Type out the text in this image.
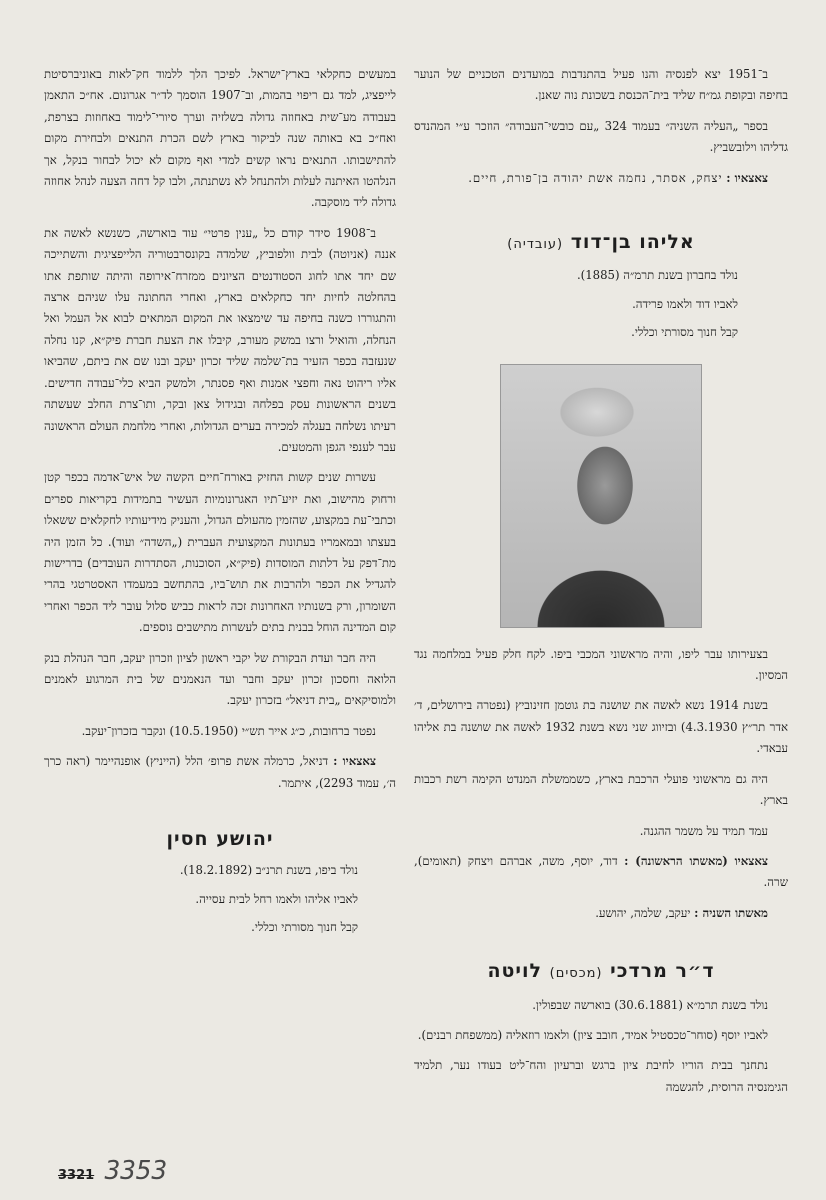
ב־1951 יצא לפנסיה והנו פעיל בהתנדבות במועדנים הטכניים של הנוער בחיפה ובקופת גמ״ח שליד בית־הכנסת בשכונת נוה שאנן.

בספר „העליה השניה״ בעמוד 324 „עם כובשי־העבודה״ הוזכר ע״י המהנדס גדליהו וילובשביץ.

צאצאיו : יצחק, אסתר, נחמה אשת יהודה בן־פורת, חיים.

אליהו בן־דוד (עובדיה)
נולד בחברון בשנת תרמ״ה (1885).
לאביו דוד ולאמו פרידה.
קבל חנוך מסורתי וכללי.

בצעירותו עבר ליפו, והיה מראשוני המכבי ביפו. לקח חלק פעיל במלחמה נגד המסיון.

בשנת 1914 נשא לאשה את שושנה בת גוטמן חזינוביץ (נפטרה בירושלים, ד׳ אדר תר״ץ 4.3.1930) ובזיווג שני נשא בשנת 1932 לאשה את שושנה בת אליהו עבאדי.

היה גם מראשוני פועלי הרכבת בארץ, כשממשלת המנדט הקימה רשת רכבות בארץ.

עמד תמיד על משמר ההגנה.

צאצאיו (מאשתו הראשונה) : דוד, יוסף, משה, אברהם ויצחק (תאומים), שרה.

מאשתו השניה : יעקב, שלמה, יהושע.

ד״ר מרדכי (מכסים) לויטה

נולד בשנת תרמ״א (30.6.1881) בוארשה שבפולין.

לאביו יוסף (סוחר־טכסטיל אמיד, חובב ציון) ולאמו רוזאליה (ממשפחת רבנים).

נתחנך בבית הוריו לחיבת ציון ברגש וברעיון והח־ליט בעודו נער, תלמיד הגימנסיה הרוסית, להגשמה

במעשים כחקלאי בארץ־ישראל. לפיכך הלך ללמוד חק־לאות באוניברסיטת לייפציג, למד גם ריפוי בהמות, וב־1907 הוסמך לד״ר אגרונום. אח״כ התאמן בעבודה מע־שית באחוזה גדולה בשלזיה וערך סיורי־לימוד באחוזות בצרפת, ואח״כ בא באותה שנה לביקור בארץ לשם הכרת התנאים ולבחירת מקום להתישבותו. התנאים נראו קשים למדי ואף מקום לא יכול לבחור בנקל, אך הנלהטו האיתנה לעלות ולהתנחל לא נשתנתה, ולבו קל דחה הצעה לנהל אחוזה גדולה ליד מוסקבה.

ב־1908 סידר קודם כל „ענין פרטי״ עוד בוארשה, כשנשא לאשה את אננה (אניוטה) לבית וולפוביץ, שלמדה בקונסרבטוריה הלייפציגית והשתייכה שם יחד אתו לחוג הסטודנטים הציונים ממזרח־אירופה והיתה שותפת אתו בהחלטה לחיות יחד כחקלאים בארץ, ואחרי החתונה עלו שניהם ארצה והתגוררו כשנה בחיפה עד שימצאו את המקום המתאים לבוא אל העמל ואל הנחלה, והואיל ורצו במשק מעורב, קיבלו את הצעת חברת פיק״א, קנו נחלה שנעזבה בכפר הזעיר בת־שלמה שליד זכרון יעקב ובנו שם את ביתם, שהביאו אליו ריהוט נאה וחפצי אמנות ואף פסנתר, ולמשק הביא כלי־עבודה חדישים. בשנים הראשונות עסק בפלחה ובגידול צאן ובקר, ותו־צרת החלב שעשתה רעיתו נשלחה בעגלה למכירה בערים הגדולות, ואחרי מלחמת העולם הראשונה עבר לענפי הגפן והמטעים.

עשרות שנים קשות החזיק באורח־חיים הקשה של איש־אדמה בכפר קטן ורחוק מהישוב, ואת יזיע־תיו האגרונומיות העשיר בתמידות בקריאות ספרים וכתבי־עת במקצוע, שהזמין מהעולם הגדול, והעניק מידיעותיו לחקלאים ששאלו בעצתו ובמאמריו בעתונות המקצועית העברית („השדה״ ועוד). כל הזמן היה מת־דפק על דלתות המוסדות (פיק״א, הסוכנות, הסתדרות העובדים) בדרישות להגדיל את הכפר ולהרבות את תוש־ביו, בהתחשב במעמדו האסטרטגי בהרי השומרון, ורק בשנותיו האחרונות זכה לראות כביש סלול עובר ליד הכפר ואחרי קום המדינה הוחל בבנית בתים לעשרות מתישבים נוספים.

היה חבר ועדת הבקורת של יקבי ראשון לציון וזכרון יעקב, חבר הנהלת בנק הלואה וחסכון זכרון יעקב וחבר ועד הנאמנים של בית המרגוע לאמנים ולמוסיקאים „בית דניאל״ בזכרון יעקב.

נפטר ברחובות, כ״ג אייר תש״י (10.5.1950) ונקבר בזכרון־יעקב.

צאצאיו : דניאל, כרמלה אשת פרופ׳ הלל (הייניץ) אופנהיימר (ראה כרך ה׳, עמוד 2293), איתמר.

יהושע חסין
נולד ביפו, בשנת תרנ״ב (18.2.1892).
לאביו אליהו ולאמו רחל לבית עסייה.
קבל חנוך מסורתי וכללי.
3321 3353
